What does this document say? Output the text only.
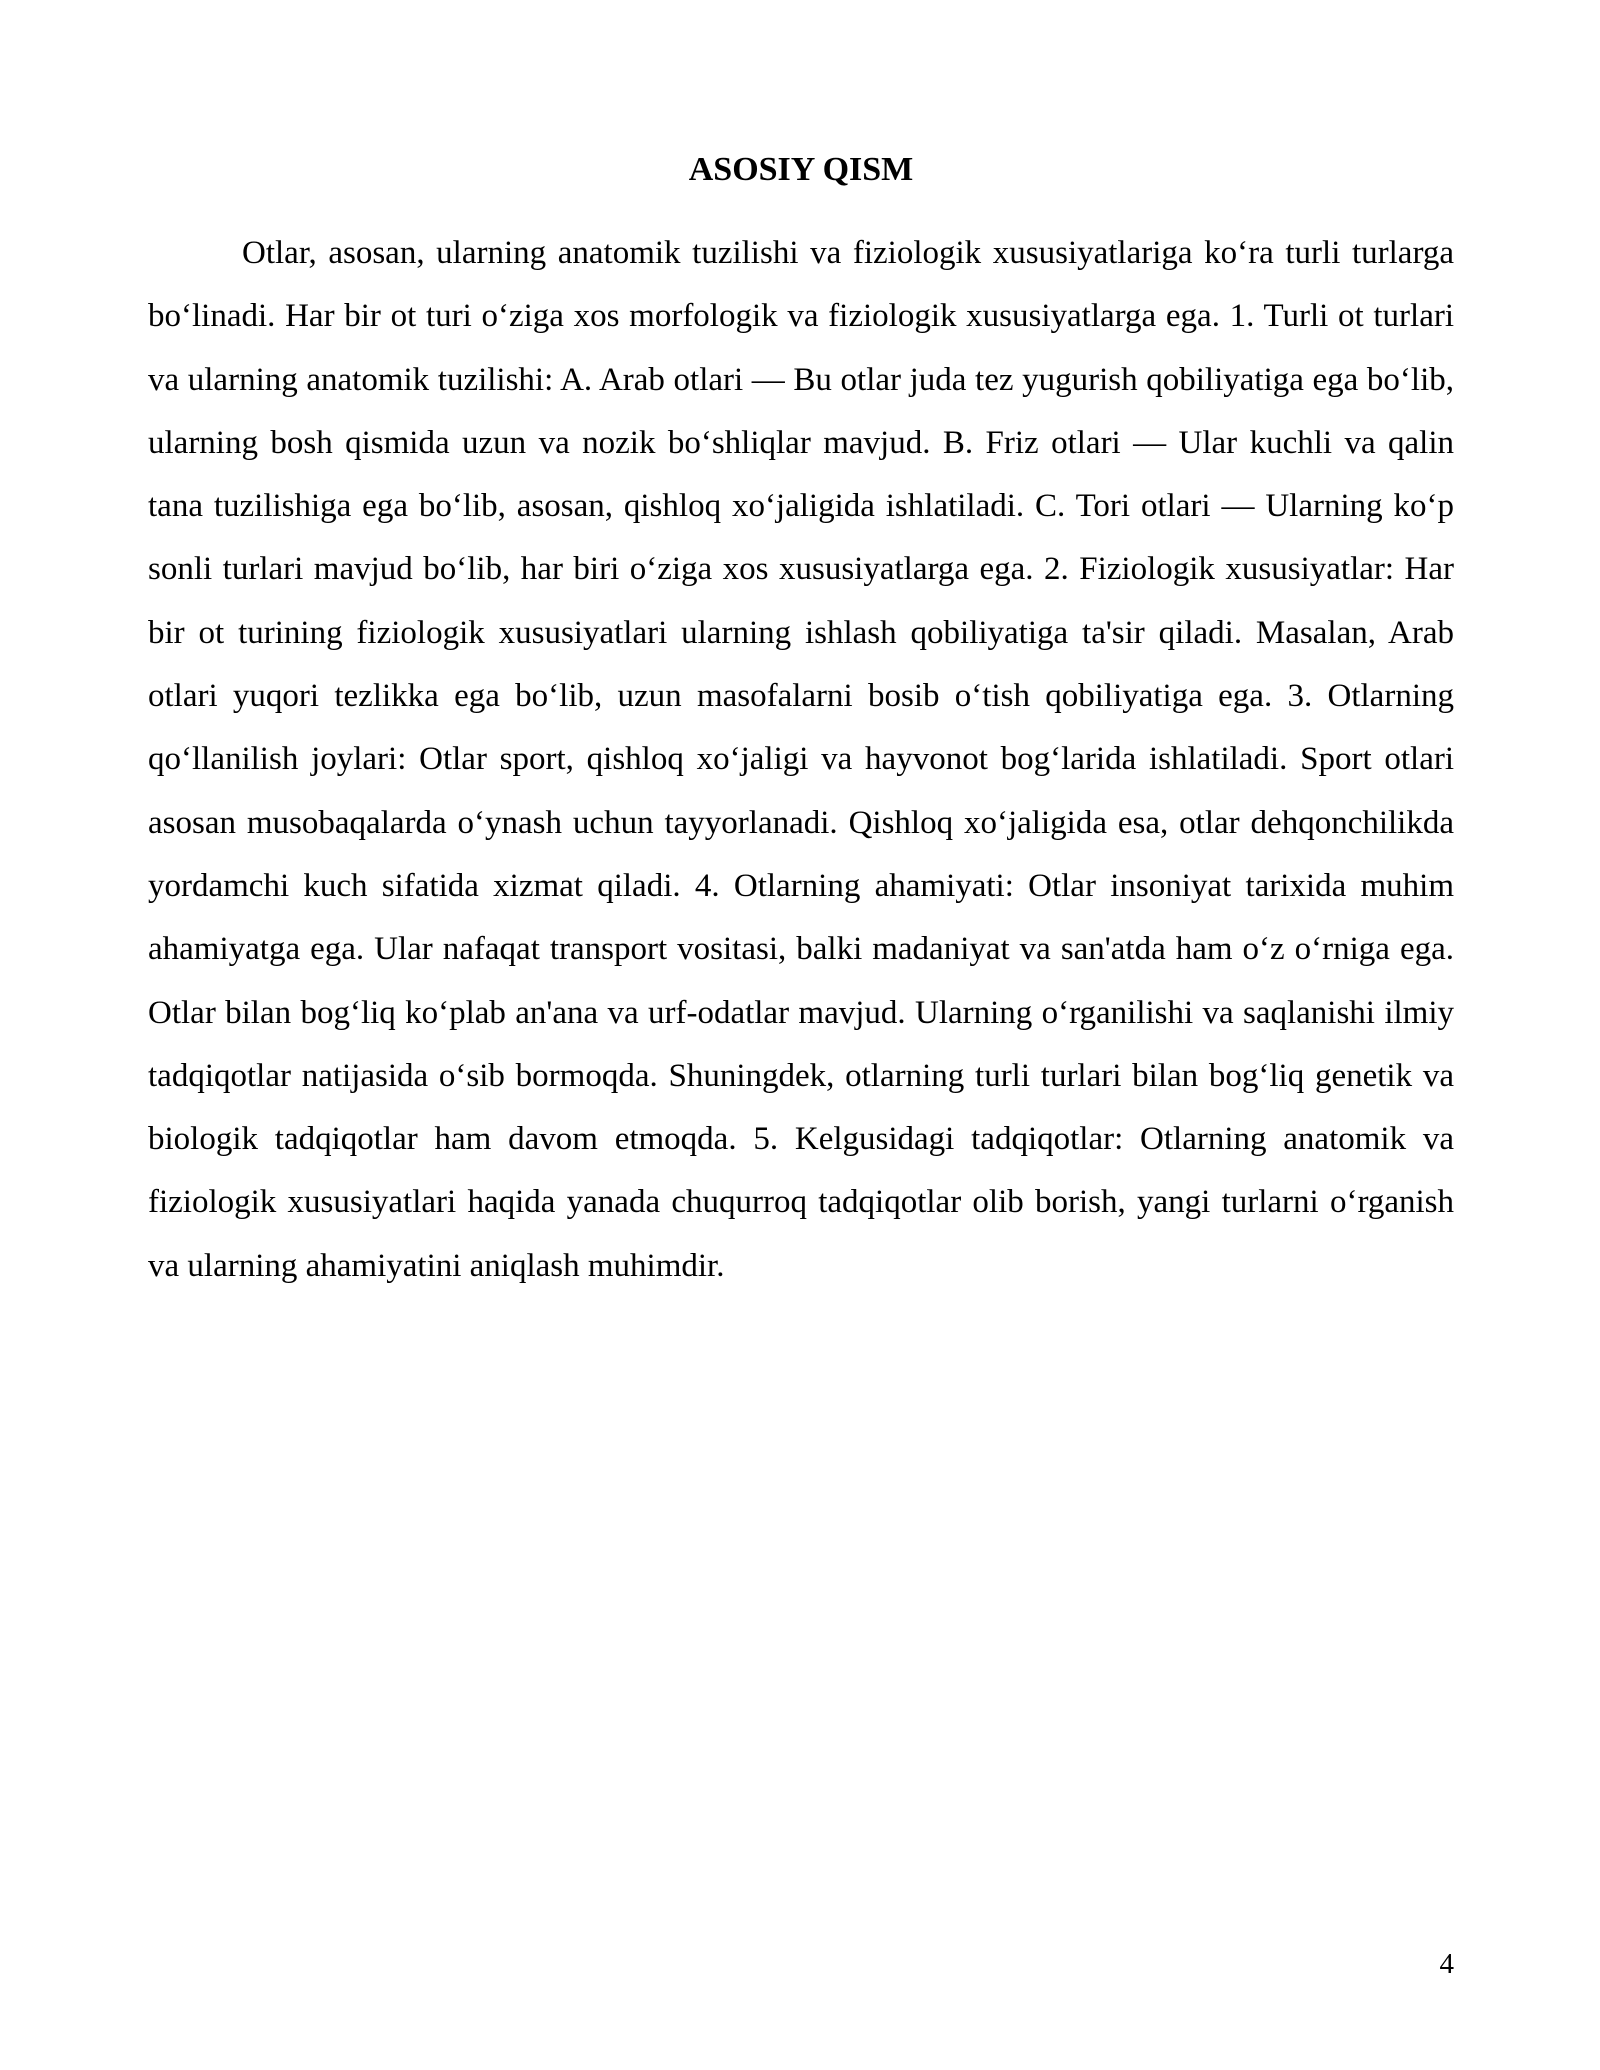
ASOSIY QISM

Otlar, asosan, ularning anatomik tuzilishi va fiziologik xususiyatlariga koʻra turli turlarga boʻlinadi. Har bir ot turi oʻziga xos morfologik va fiziologik xususiyatlarga ega. 1. Turli ot turlari va ularning anatomik tuzilishi: A. Arab otlari — Bu otlar juda tez yugurish qobiliyatiga ega boʻlib, ularning bosh qismida uzun va nozik boʻshliqlar mavjud. B. Friz otlari — Ular kuchli va qalin tana tuzilishiga ega boʻlib, asosan, qishloq xoʻjaligida ishlatiladi. C. Tori otlari — Ularning koʻp sonli turlari mavjud boʻlib, har biri oʻziga xos xususiyatlarga ega. 2. Fiziologik xususiyatlar: Har bir ot turining fiziologik xususiyatlari ularning ishlash qobiliyatiga ta'sir qiladi. Masalan, Arab otlari yuqori tezlikka ega boʻlib, uzun masofalarni bosib oʻtish qobiliyatiga ega. 3. Otlarning qoʻllanilish joylari: Otlar sport, qishloq xoʻjaligi va hayvonot bogʻlarida ishlatiladi. Sport otlari asosan musobaqalarda oʻynash uchun tayyorlanadi. Qishloq xoʻjaligida esa, otlar dehqonchilikda yordamchi kuch sifatida xizmat qiladi. 4. Otlarning ahamiyati: Otlar insoniyat tarixida muhim ahamiyatga ega. Ular nafaqat transport vositasi, balki madaniyat va san'atda ham oʻz oʻrniga ega. Otlar bilan bogʻliq koʻplab an'ana va urf-odatlar mavjud. Ularning oʻrganilishi va saqlanishi ilmiy tadqiqotlar natijasida oʻsib bormoqda. Shuningdek, otlarning turli turlari bilan bogʻliq genetik va biologik tadqiqotlar ham davom etmoqda. 5. Kelgusidagi tadqiqotlar: Otlarning anatomik va fiziologik xususiyatlari haqida yanada chuqurroq tadqiqotlar olib borish, yangi turlarni oʻrganish va ularning ahamiyatini aniqlash muhimdir.

4
